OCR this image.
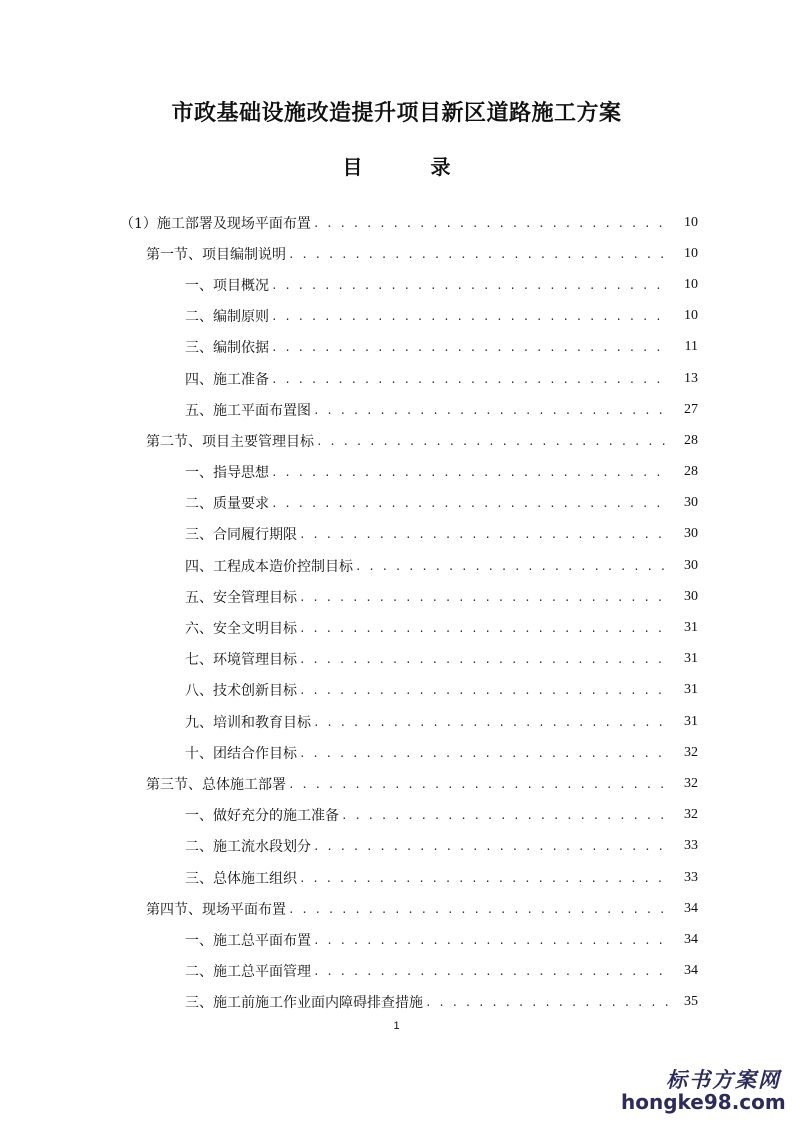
市政基础设施改造提升项目新区道路施工方案
目　录
（1）施工部署及现场平面布置 . . .	10
第一节、项目编制说明 . . .	10
一、项目概况 . . .	10
二、编制原则 . . .	10
三、编制依据 . . .	11
四、施工准备 . . .	13
五、施工平面布置图 . . .	27
第二节、项目主要管理目标 . . .	28
一、指导思想 . . .	28
二、质量要求 . . .	30
三、合同履行期限 . . .	30
四、工程成本造价控制目标 . . .	30
五、安全管理目标 . . .	30
六、安全文明目标 . . .	31
七、环境管理目标 . . .	31
八、技术创新目标 . . .	31
九、培训和教育目标 . . .	31
十、团结合作目标 . . .	32
第三节、总体施工部署 . . .	32
一、做好充分的施工准备 . . .	32
二、施工流水段划分 . . .	33
三、总体施工组织 . . .	33
第四节、现场平面布置 . . .	34
一、施工总平面布置 . . .	34
二、施工总平面管理 . . .	34
三、施工前施工作业面内障碍排查措施 . . .	35
1
标书方案网
hongke98.com
